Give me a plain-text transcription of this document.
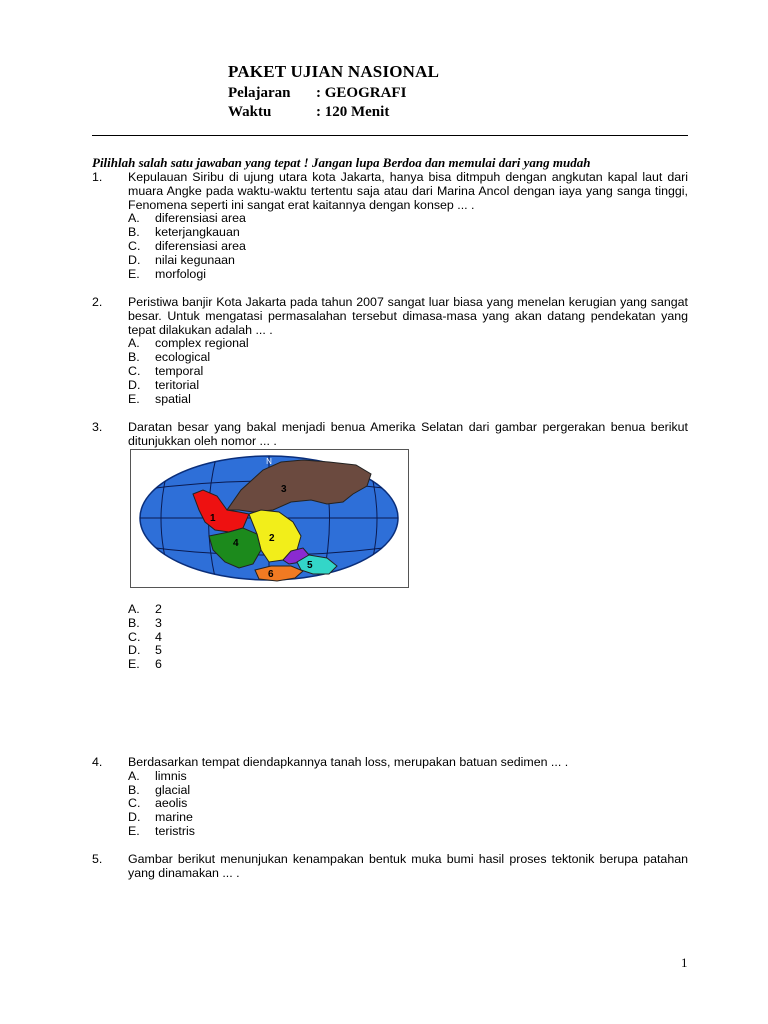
PAKET UJIAN NASIONAL
Pelajaran	: GEOGRAFI
Waktu	: 120 Menit
Pilihlah salah satu jawaban yang tepat ! Jangan lupa Berdoa dan memulai dari yang mudah
1. Kepulauan Siribu di ujung utara kota Jakarta, hanya bisa ditmpuh dengan angkutan kapal laut dari muara Angke pada waktu-waktu tertentu saja atau dari Marina Ancol dengan iaya yang sanga tinggi, Fenomena seperti ini sangat erat kaitannya dengan konsep ... .
A.	diferensiasi area
B.	keterjangkauan
C.	diferensiasi area
D.	nilai kegunaan
E.	morfologi
2. Peristiwa banjir Kota Jakarta pada tahun 2007 sangat luar biasa yang menelan kerugian yang sangat besar. Untuk mengatasi permasalahan tersebut dimasa-masa yang akan datang pendekatan yang tepat dilakukan adalah ... .
A.	complex regional
B.	ecological
C.	temporal
D.	teritorial
E.	spatial
3. Daratan besar yang bakal menjadi benua Amerika Selatan dari gambar pergerakan benua berikut ditunjukkan oleh nomor ... .
N
1
2
3
4
5
6
A.	2
B.	3
C.	4
D.	5
E.	6
4. Berdasarkan tempat diendapkannya tanah loss, merupakan batuan sedimen ... .
A.	limnis
B.	glacial
C.	aeolis
D.	marine
E.	teristris
5. Gambar berikut menunjukan kenampakan bentuk muka bumi hasil proses tektonik berupa patahan yang dinamakan ... .
1
